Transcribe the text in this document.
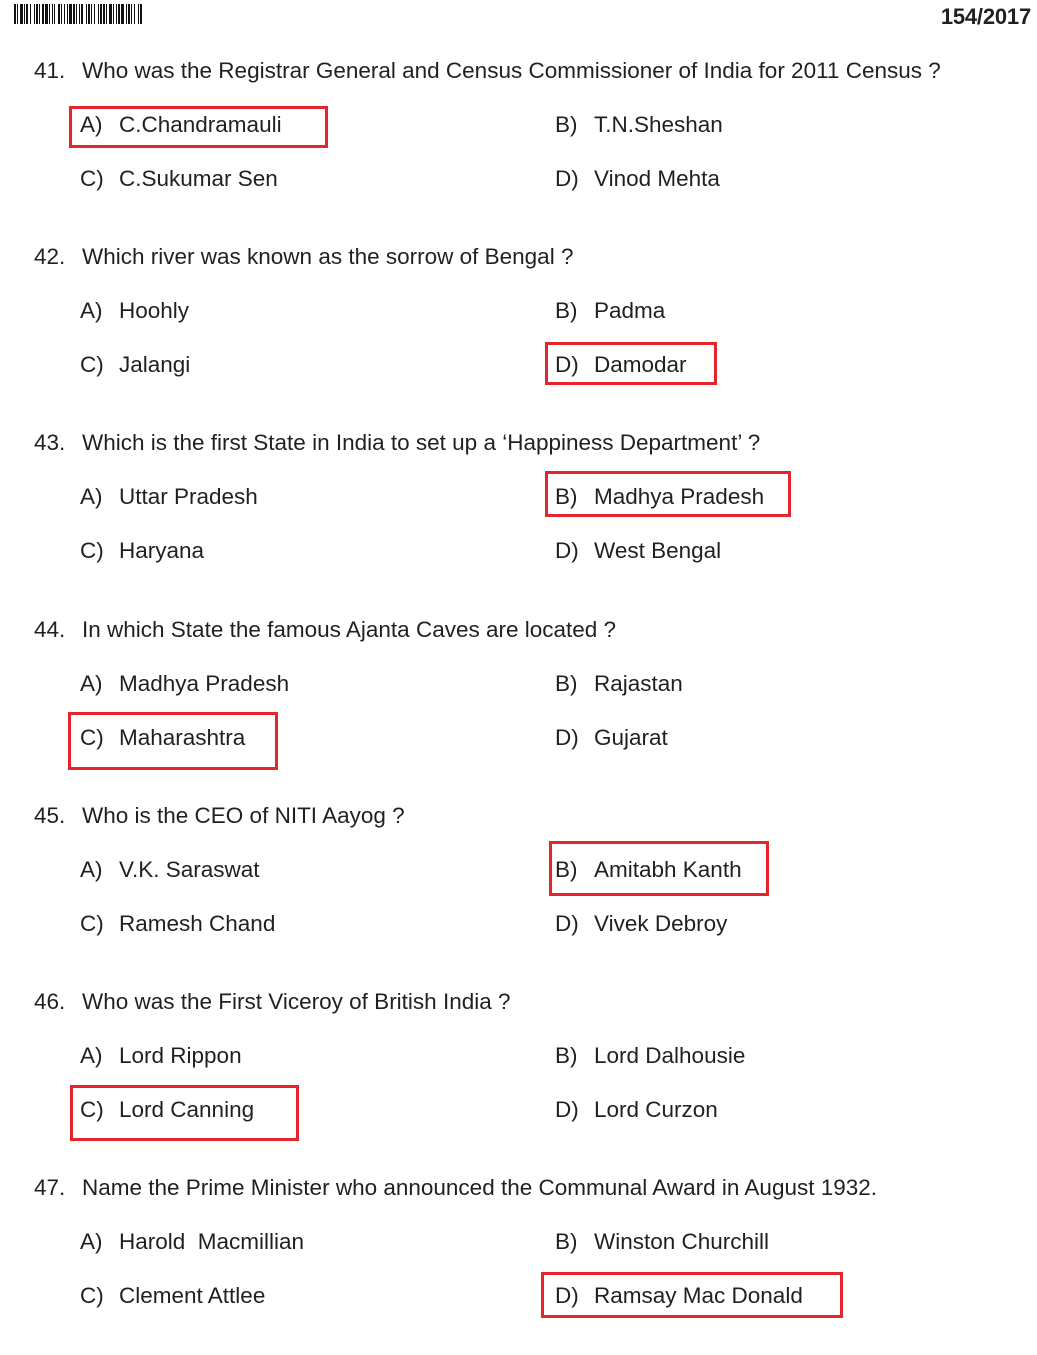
154/2017
41. Who was the Registrar General and Census Commissioner of India for 2011 Census ?
A) C.Chandramauli	B) T.N.Sheshan
C) C.Sukumar Sen	D) Vinod Mehta
42. Which river was known as the sorrow of Bengal ?
A) Hoohly	B) Padma
C) Jalangi	D) Damodar
43. Which is the first State in India to set up a ‘Happiness Department’ ?
A) Uttar Pradesh	B) Madhya Pradesh
C) Haryana	D) West Bengal
44. In which State the famous Ajanta Caves are located ?
A) Madhya Pradesh	B) Rajastan
C) Maharashtra	D) Gujarat
45. Who is the CEO of NITI Aayog ?
A) V.K. Saraswat	B) Amitabh Kanth
C) Ramesh Chand	D) Vivek Debroy
46. Who was the First Viceroy of British India ?
A) Lord Rippon	B) Lord Dalhousie
C) Lord Canning	D) Lord Curzon
47. Name the Prime Minister who announced the Communal Award in August 1932.
A) Harold  Macmillian	B) Winston Churchill
C) Clement Attlee	D) Ramsay Mac Donald
